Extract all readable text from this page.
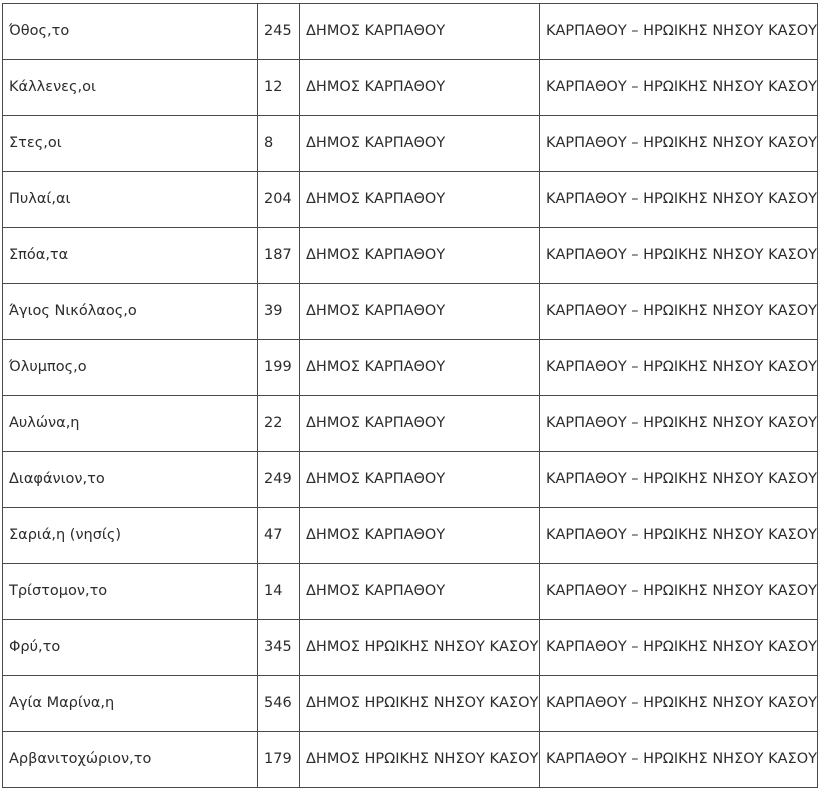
Όθος,το	245	ΔΗΜΟΣ ΚΑΡΠΑΘΟΥ	ΚΑΡΠΑΘΟΥ – ΗΡΩΙΚΗΣ ΝΗΣΟΥ ΚΑΣΟΥ
Κάλλενες,οι	12	ΔΗΜΟΣ ΚΑΡΠΑΘΟΥ	ΚΑΡΠΑΘΟΥ – ΗΡΩΙΚΗΣ ΝΗΣΟΥ ΚΑΣΟΥ
Στες,οι	8	ΔΗΜΟΣ ΚΑΡΠΑΘΟΥ	ΚΑΡΠΑΘΟΥ – ΗΡΩΙΚΗΣ ΝΗΣΟΥ ΚΑΣΟΥ
Πυλαί,αι	204	ΔΗΜΟΣ ΚΑΡΠΑΘΟΥ	ΚΑΡΠΑΘΟΥ – ΗΡΩΙΚΗΣ ΝΗΣΟΥ ΚΑΣΟΥ
Σπόα,τα	187	ΔΗΜΟΣ ΚΑΡΠΑΘΟΥ	ΚΑΡΠΑΘΟΥ – ΗΡΩΙΚΗΣ ΝΗΣΟΥ ΚΑΣΟΥ
Άγιος Νικόλαος,ο	39	ΔΗΜΟΣ ΚΑΡΠΑΘΟΥ	ΚΑΡΠΑΘΟΥ – ΗΡΩΙΚΗΣ ΝΗΣΟΥ ΚΑΣΟΥ
Όλυμπος,ο	199	ΔΗΜΟΣ ΚΑΡΠΑΘΟΥ	ΚΑΡΠΑΘΟΥ – ΗΡΩΙΚΗΣ ΝΗΣΟΥ ΚΑΣΟΥ
Αυλώνα,η	22	ΔΗΜΟΣ ΚΑΡΠΑΘΟΥ	ΚΑΡΠΑΘΟΥ – ΗΡΩΙΚΗΣ ΝΗΣΟΥ ΚΑΣΟΥ
Διαφάνιον,το	249	ΔΗΜΟΣ ΚΑΡΠΑΘΟΥ	ΚΑΡΠΑΘΟΥ – ΗΡΩΙΚΗΣ ΝΗΣΟΥ ΚΑΣΟΥ
Σαριά,η (νησίς)	47	ΔΗΜΟΣ ΚΑΡΠΑΘΟΥ	ΚΑΡΠΑΘΟΥ – ΗΡΩΙΚΗΣ ΝΗΣΟΥ ΚΑΣΟΥ
Τρίστομον,το	14	ΔΗΜΟΣ ΚΑΡΠΑΘΟΥ	ΚΑΡΠΑΘΟΥ – ΗΡΩΙΚΗΣ ΝΗΣΟΥ ΚΑΣΟΥ
Φρύ,το	345	ΔΗΜΟΣ ΗΡΩΙΚΗΣ ΝΗΣΟΥ ΚΑΣΟΥ	ΚΑΡΠΑΘΟΥ – ΗΡΩΙΚΗΣ ΝΗΣΟΥ ΚΑΣΟΥ
Αγία Μαρίνα,η	546	ΔΗΜΟΣ ΗΡΩΙΚΗΣ ΝΗΣΟΥ ΚΑΣΟΥ	ΚΑΡΠΑΘΟΥ – ΗΡΩΙΚΗΣ ΝΗΣΟΥ ΚΑΣΟΥ
Αρβανιτοχώριον,το	179	ΔΗΜΟΣ ΗΡΩΙΚΗΣ ΝΗΣΟΥ ΚΑΣΟΥ	ΚΑΡΠΑΘΟΥ – ΗΡΩΙΚΗΣ ΝΗΣΟΥ ΚΑΣΟΥ
